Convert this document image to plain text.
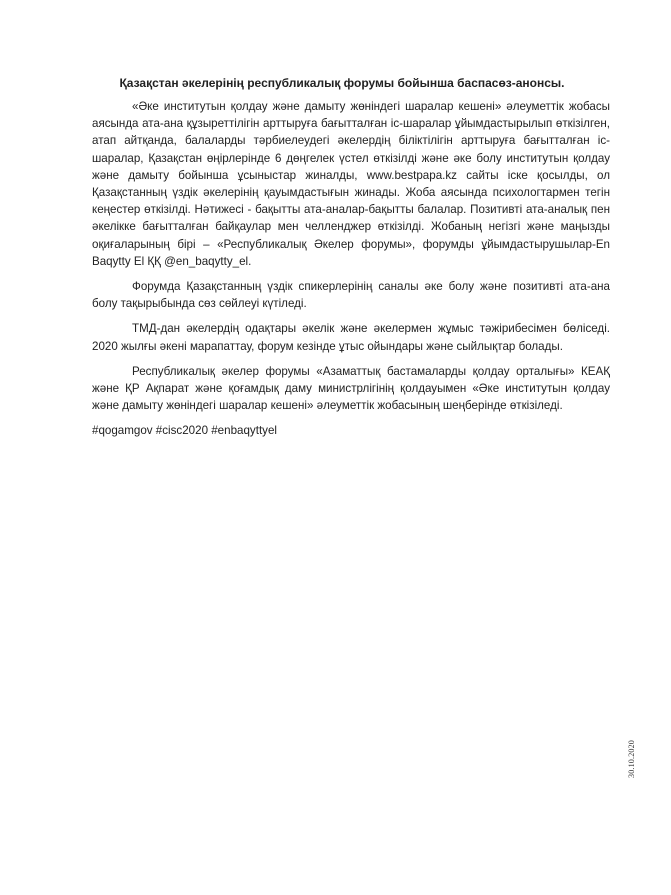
Қазақстан әкелерінің республикалық форумы бойынша баспасөз-анонсы.

«Әке институтын қолдау және дамыту жөніндегі шаралар кешені» әлеуметтік жобасы аясында ата-ана құзыреттілігін арттыруға бағытталған іс-шаралар ұйымдастырылып өткізілген, атап айтқанда, балаларды тәрбиелеудегі әкелердің біліктілігін арттыруға бағытталған іс-шаралар, Қазақстан өңірлерінде 6 дөңгелек үстел өткізілді және әке болу институтын қолдау және дамыту бойынша ұсыныстар жиналды, www.bestpapa.kz сайты іске қосылды, ол Қазақстанның үздік әкелерінің қауымдастығын жинады. Жоба аясында психологтармен тегін кеңестер өткізілді. Нәтижесі - бақытты ата-аналар-бақытты балалар. Позитивті ата-аналық пен әкелікке бағытталған байқаулар мен челленджер өткізілді. Жобаның негізгі және маңызды оқиғаларының бірі – «Республикалық Әкелер форумы», форумды ұйымдастырушылар-En Baqytty El ҚҚ @en_baqytty_el.

Форумда Қазақстанның үздік спикерлерінің саналы әке болу және позитивті ата-ана болу тақырыбында сөз сөйлеуі күтіледі.

ТМД-дан әкелердің одақтары әкелік және әкелермен жұмыс тәжірибесімен бөліседі. 2020 жылғы әкені марапаттау, форум кезінде ұтыс ойындары және сыйлықтар болады.

Республикалық әкелер форумы «Азаматтық бастамаларды қолдау орталығы» КЕАҚ және ҚР Ақпарат және қоғамдық даму министрлігінің қолдауымен «Әке институтын қолдау және дамыту жөніндегі шаралар кешені» әлеуметтік жобасының шеңберінде өткізіледі.

#qogamgov #cisc2020 #enbaqyttyel

30.10.2020
